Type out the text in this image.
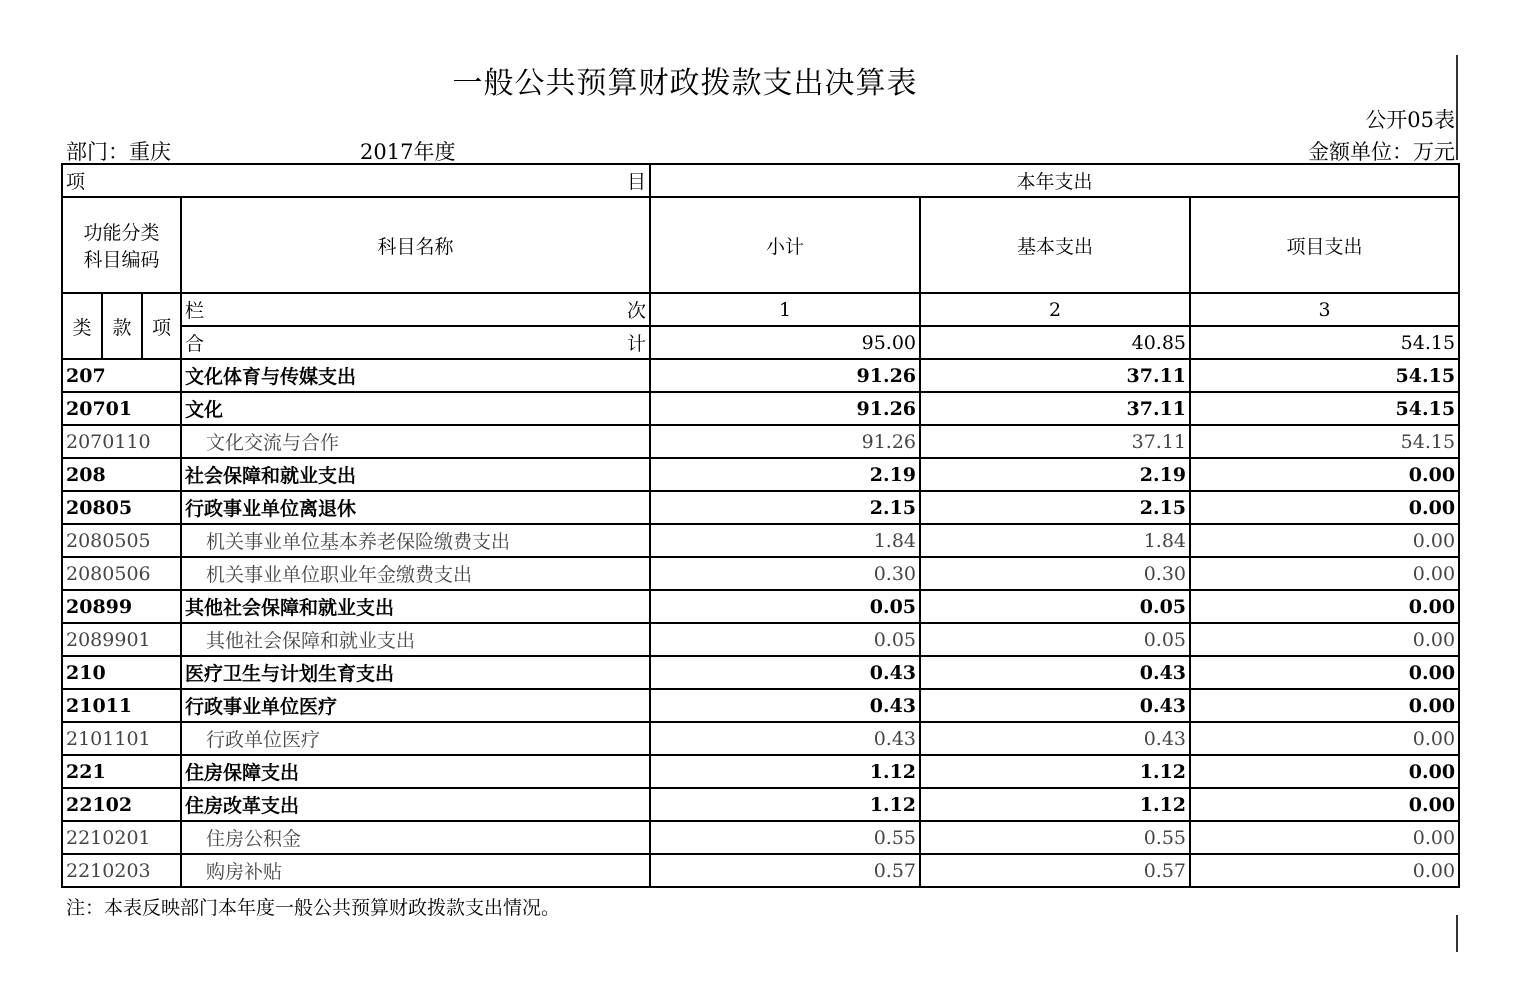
一般公共预算财政拨款支出决算表
公开05表
部门：重庆	2017年度	金额单位：万元
项 目				本年支出		

功能分类
科目编码			科目名称	小计	基本支出	项目支出
类	款	项	栏 次	1	2	3

			合 计	95.00	40.85	54.15
207			文化体育与传媒支出	91.26	37.11	54.15
20701			文化	91.26	37.11	54.15
2070110			文化交流与合作	91.26	37.11	54.15
208			社会保障和就业支出	2.19	2.19	0.00
20805			行政事业单位离退休	2.15	2.15	0.00
2080505			机关事业单位基本养老保险缴费支出	1.84	1.84	0.00
2080506			机关事业单位职业年金缴费支出	0.30	0.30	0.00
20899			其他社会保障和就业支出	0.05	0.05	0.00
2089901			其他社会保障和就业支出	0.05	0.05	0.00
210			医疗卫生与计划生育支出	0.43	0.43	0.00
21011			行政事业单位医疗	0.43	0.43	0.00
2101101			行政单位医疗	0.43	0.43	0.00
221			住房保障支出	1.12	1.12	0.00
22102			住房改革支出	1.12	1.12	0.00
2210201			住房公积金	0.55	0.55	0.00
2210203			购房补贴	0.57	0.57	0.00
注：本表反映部门本年度一般公共预算财政拨款支出情况。
